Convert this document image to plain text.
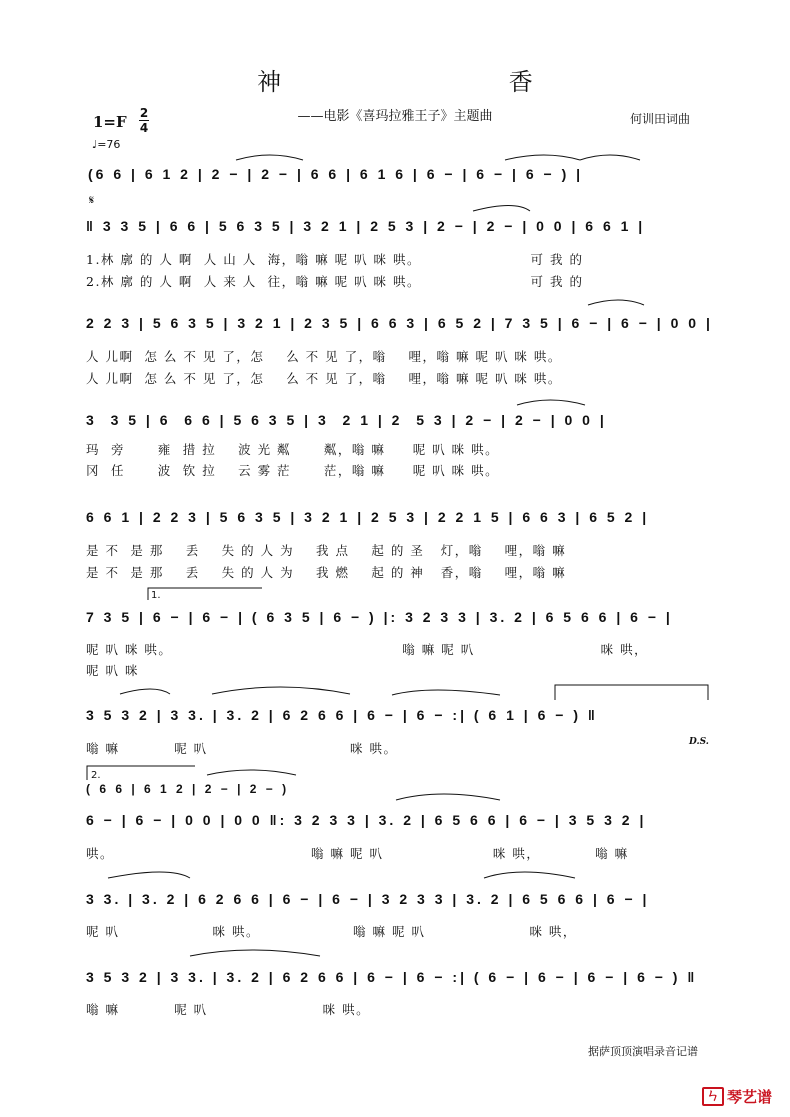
神 香
——电影《喜玛拉雅王子》主题曲	何训田词曲
1=F 2
4
♩=76
𝄋
(6 6 | 6 1 2 | 2 − | 2 − | 6 6 | 6 1 6 | 6 − | 6 − | 6 − ) |
‖ 3 3 5 | 6 6 | 5 6 3 5 | 3 2 1 | 2 5 3 | 2 − | 2 − | 0 0 | 6 6 1 |
1.林 廓 的 人 啊  人 山 人  海，嗡 嘛 呢 叭 咪 哄。                    可 我 的
2.林 廓 的 人 啊  人 来 人  往，嗡 嘛 呢 叭 咪 哄。                    可 我 的
2 2 3 | 5 6 3 5 | 3 2 1 | 2 3 5 | 6 6 3 | 6 5 2 | 7 3 5 | 6 − | 6 − | 0 0 |
人 儿啊  怎 么 不 见 了，怎    么 不 见 了，嗡    哩，嗡 嘛 呢 叭 咪 哄。
人 儿啊  怎 么 不 见 了，怎    么 不 见 了，嗡    哩，嗡 嘛 呢 叭 咪 哄。
3  3 5 | 6  6 6 | 5 6 3 5 | 3  2 1 | 2  5 3 | 2 − | 2 − | 0 0 |
玛  旁      雍  措 拉    波 光 粼      粼，嗡 嘛     呢 叭 咪 哄。
冈  任      波  钦 拉    云 雾 茫      茫，嗡 嘛     呢 叭 咪 哄。
6 6 1 | 2 2 3 | 5 6 3 5 | 3 2 1 | 2 5 3 | 2 2 1 5 | 6 6 3 | 6 5 2 |
是 不  是 那    丢    失 的 人 为    我 点    起 的 圣   灯，嗡    哩，嗡 嘛
是 不  是 那    丢    失 的 人 为    我 燃    起 的 神   香，嗡    哩，嗡 嘛
1.
7 3 5 | 6 − | 6 − | ( 6 3 5 | 6 − ) |: 3 2 3 3 | 3. 2 | 6 5 6 6 | 6 − |
呢 叭 咪 哄。                                          嗡 嘛 呢 叭                       咪 哄，
呢 叭 咪
3 5 3 2 | 3 3. | 3. 2 | 6 2 6 6 | 6 − | 6 − :| ( 6 1 | 6 − ) ‖
嗡 嘛          呢 叭                          咪 哄。	D.S.
2.
( 6 6 | 6 1 2 | 2 − | 2 − )
6 − | 6 − | 0 0 | 0 0 ‖: 3 2 3 3 | 3. 2 | 6 5 6 6 | 6 − | 3 5 3 2 |
哄。                                    嗡 嘛 呢 叭                    咪 哄，          嗡 嘛
3 3. | 3. 2 | 6 2 6 6 | 6 − | 6 − | 3 2 3 3 | 3. 2 | 6 5 6 6 | 6 − |
呢 叭                 咪 哄。                 嗡 嘛 呢 叭                   咪 哄，
3 5 3 2 | 3 3. | 3. 2 | 6 2 6 6 | 6 − | 6 − :| ( 6 − | 6 − | 6 − | 6 − ) ‖
嗡 嘛          呢 叭                     咪 哄。
据萨顶顶演唱录音记谱
ㄣ 琴艺谱
